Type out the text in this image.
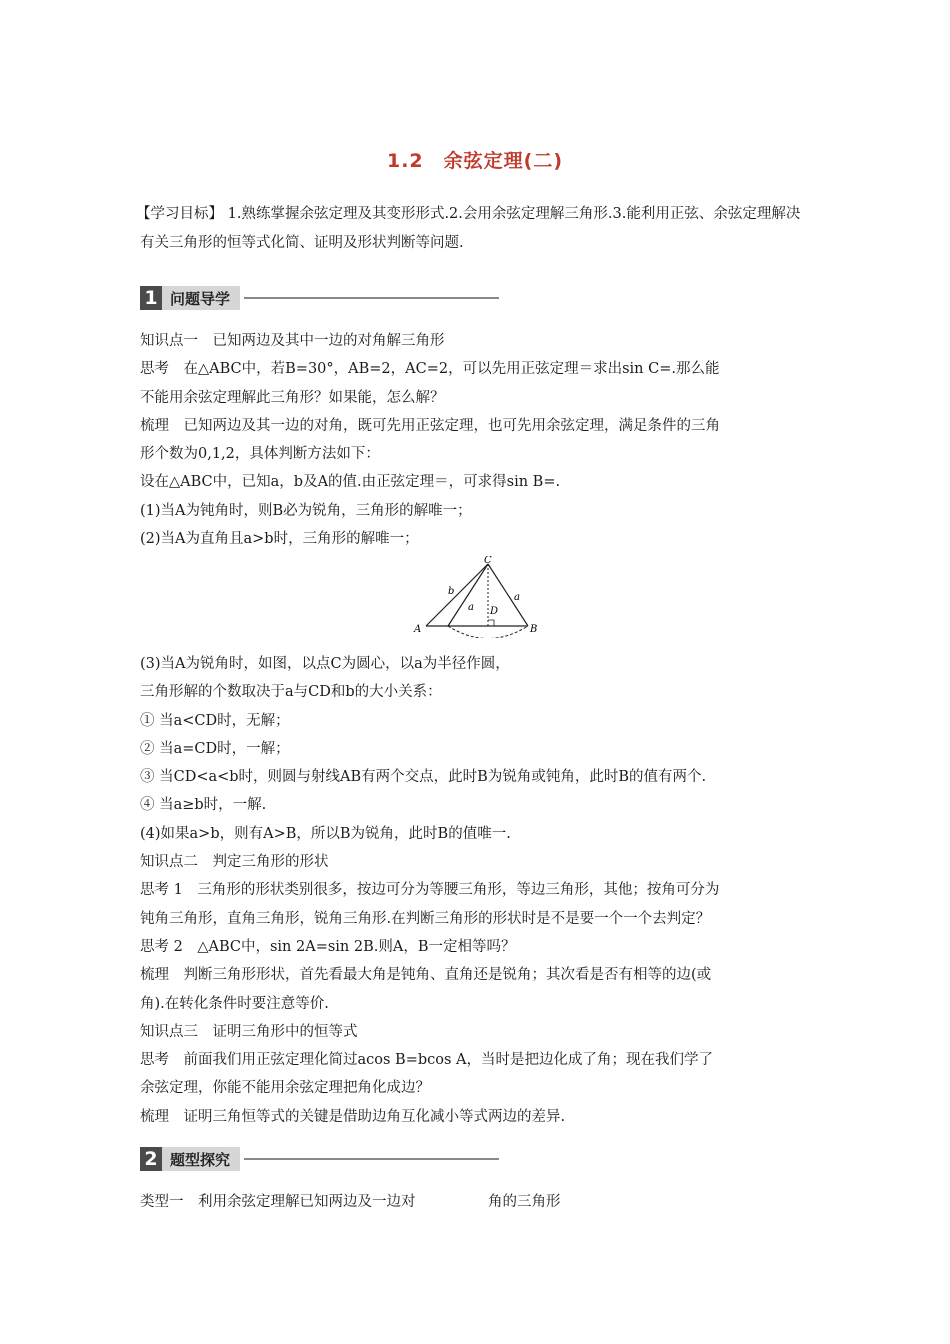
1.2　余弦定理(二)
【学习目标】 1.熟练掌握余弦定理及其变形形式.2.会用余弦定理解三角形.3.能利用正弦、余弦定理解决有关三角形的恒等式化简、证明及形状判断等问题.
1 问题导学
知识点一　已知两边及其中一边的对角解三角形
思考　在△ABC中，若B=30°，AB=2，AC=2，可以先用正弦定理＝求出sin C=.那么能
不能用余弦定理解此三角形？如果能，怎么解？
梳理　已知两边及其一边的对角，既可先用正弦定理，也可先用余弦定理，满足条件的三角
形个数为0,1,2，具体判断方法如下：
设在△ABC中，已知a，b及A的值.由正弦定理＝，可求得sin B=.
(1)当A为钝角时，则B必为锐角，三角形的解唯一；
(2)当A为直角且a>b时，三角形的解唯一；
C
A	B
D
b
a
a
(3)当A为锐角时，如图，以点C为圆心，以a为半径作圆，
三角形解的个数取决于a与CD和b的大小关系：
① 当a<CD时，无解；
② 当a=CD时，一解；
③ 当CD<a<b时，则圆与射线AB有两个交点，此时B为锐角或钝角，此时B的值有两个.
④ 当a≥b时，一解.
(4)如果a>b，则有A>B，所以B为锐角，此时B的值唯一.
知识点二　判定三角形的形状
思考 1　三角形的形状类别很多，按边可分为等腰三角形，等边三角形，其他；按角可分为
钝角三角形，直角三角形，锐角三角形.在判断三角形的形状时是不是要一个一个去判定？
思考 2　△ABC中，sin 2A=sin 2B.则A，B一定相等吗？
梳理　判断三角形形状，首先看最大角是钝角、直角还是锐角；其次看是否有相等的边(或
角).在转化条件时要注意等价.
知识点三　证明三角形中的恒等式
思考　前面我们用正弦定理化简过acos B=bcos A，当时是把边化成了角；现在我们学了
余弦定理，你能不能用余弦定理把角化成边？
梳理　证明三角恒等式的关键是借助边角互化减小等式两边的差异.
2 题型探究
类型一　利用余弦定理解已知两边及一边对　　　　　角的三角形
